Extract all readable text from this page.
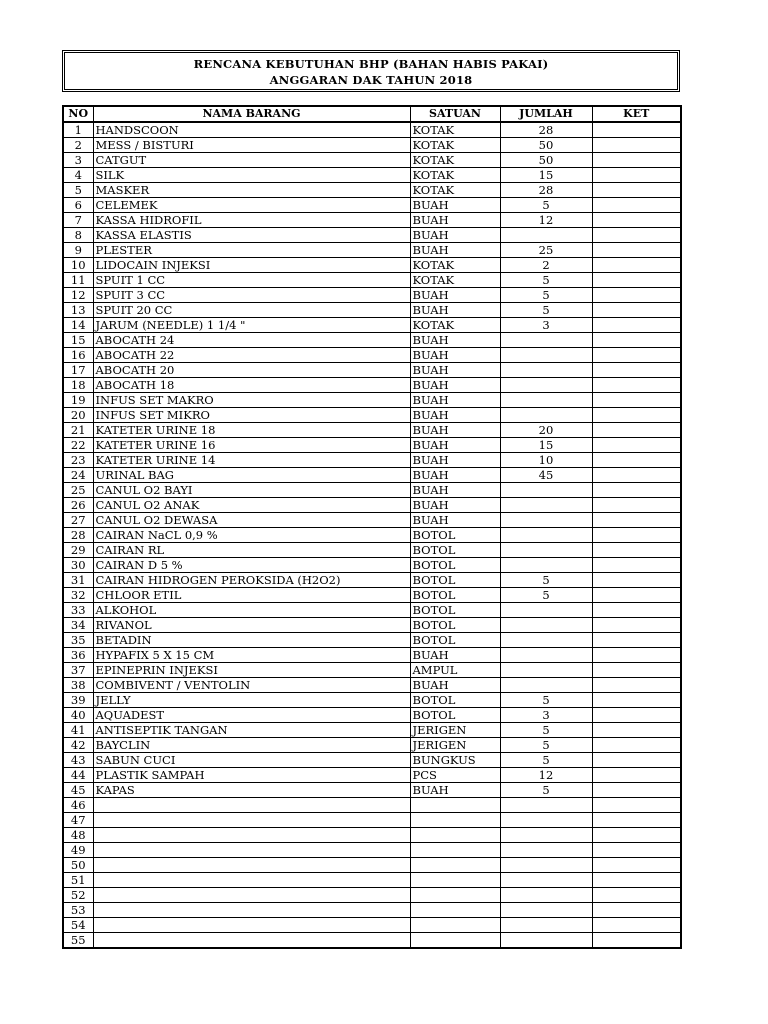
RENCANA KEBUTUHAN BHP (BAHAN HABIS PAKAI)
ANGGARAN DAK TAHUN 2018
NO	NAMA BARANG	SATUAN	JUMLAH	KET
1	HANDSCOON	KOTAK	28	
2	MESS / BISTURI	KOTAK	50	
3	CATGUT	KOTAK	50	
4	SILK	KOTAK	15	
5	MASKER	KOTAK	28	
6	CELEMEK	BUAH	5	
7	KASSA HIDROFIL	BUAH	12	
8	KASSA ELASTIS	BUAH		
9	PLESTER	BUAH	25	
10	LIDOCAIN INJEKSI	KOTAK	2	
11	SPUIT 1 CC	KOTAK	5	
12	SPUIT 3 CC	BUAH	5	
13	SPUIT 20 CC	BUAH	5	
14	JARUM (NEEDLE) 1 1/4 "	KOTAK	3	
15	ABOCATH 24	BUAH		
16	ABOCATH 22	BUAH		
17	ABOCATH 20	BUAH		
18	ABOCATH 18	BUAH		
19	INFUS SET MAKRO	BUAH		
20	INFUS SET MIKRO	BUAH		
21	KATETER URINE 18	BUAH	20	
22	KATETER URINE 16	BUAH	15	
23	KATETER URINE 14	BUAH	10	
24	URINAL BAG	BUAH	45	
25	CANUL O2 BAYI	BUAH		
26	CANUL O2 ANAK	BUAH		
27	CANUL O2 DEWASA	BUAH		
28	CAIRAN NaCL 0,9 %	BOTOL		
29	CAIRAN RL	BOTOL		
30	CAIRAN D 5 %	BOTOL		
31	CAIRAN HIDROGEN PEROKSIDA (H2O2)	BOTOL	5	
32	CHLOOR ETIL	BOTOL	5	
33	ALKOHOL	BOTOL		
34	RIVANOL	BOTOL		
35	BETADIN	BOTOL		
36	HYPAFIX 5 X 15 CM	BUAH		
37	EPINEPRIN INJEKSI	AMPUL		
38	COMBIVENT / VENTOLIN	BUAH		
39	JELLY	BOTOL	5	
40	AQUADEST	BOTOL	3	
41	ANTISEPTIK TANGAN	JERIGEN	5	
42	BAYCLIN	JERIGEN	5	
43	SABUN CUCI	BUNGKUS	5	
44	PLASTIK SAMPAH	PCS	12	
45	KAPAS	BUAH	5	
46				
47				
48				
49				
50				
51				
52				
53				
54				
55				
